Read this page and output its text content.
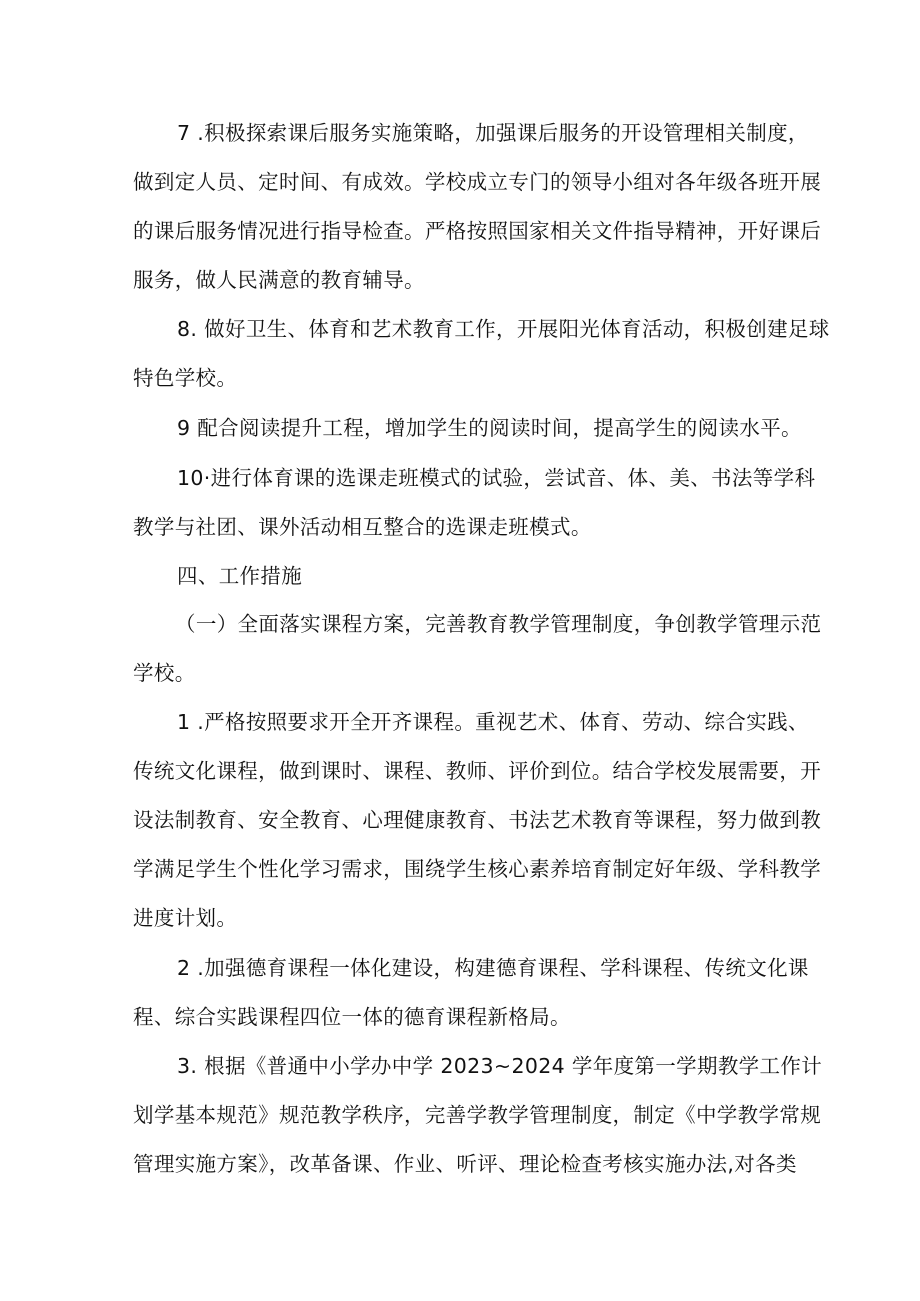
7 .积极探索课后服务实施策略，加强课后服务的开设管理相关制度，
做到定人员、定时间、有成效。学校成立专门的领导小组对各年级各班开展
的课后服务情况进行指导检查。严格按照国家相关文件指导精神，开好课后
服务，做人民满意的教育辅导。
8. 做好卫生、体育和艺术教育工作，开展阳光体育活动，积极创建足球
特色学校。
9 配合阅读提升工程，增加学生的阅读时间，提高学生的阅读水平。
10·进行体育课的选课走班模式的试验，尝试音、体、美、书法等学科
教学与社团、课外活动相互整合的选课走班模式。
四、工作措施
（一）全面落实课程方案，完善教育教学管理制度，争创教学管理示范
学校。
1 .严格按照要求开全开齐课程。重视艺术、体育、劳动、综合实践、
传统文化课程，做到课时、课程、教师、评价到位。结合学校发展需要，开
设法制教育、安全教育、心理健康教育、书法艺术教育等课程，努力做到教
学满足学生个性化学习需求，围绕学生核心素养培育制定好年级、学科教学
进度计划。
2 .加强德育课程一体化建设，构建德育课程、学科课程、传统文化课
程、综合实践课程四位一体的德育课程新格局。
3. 根据《普通中小学办中学 2023~2024 学年度第一学期教学工作计
划学基本规范》规范教学秩序，完善学教学管理制度，制定《中学教学常规
管理实施方案》，改革备课、作业、听评、理论检查考核实施办法,对各类
